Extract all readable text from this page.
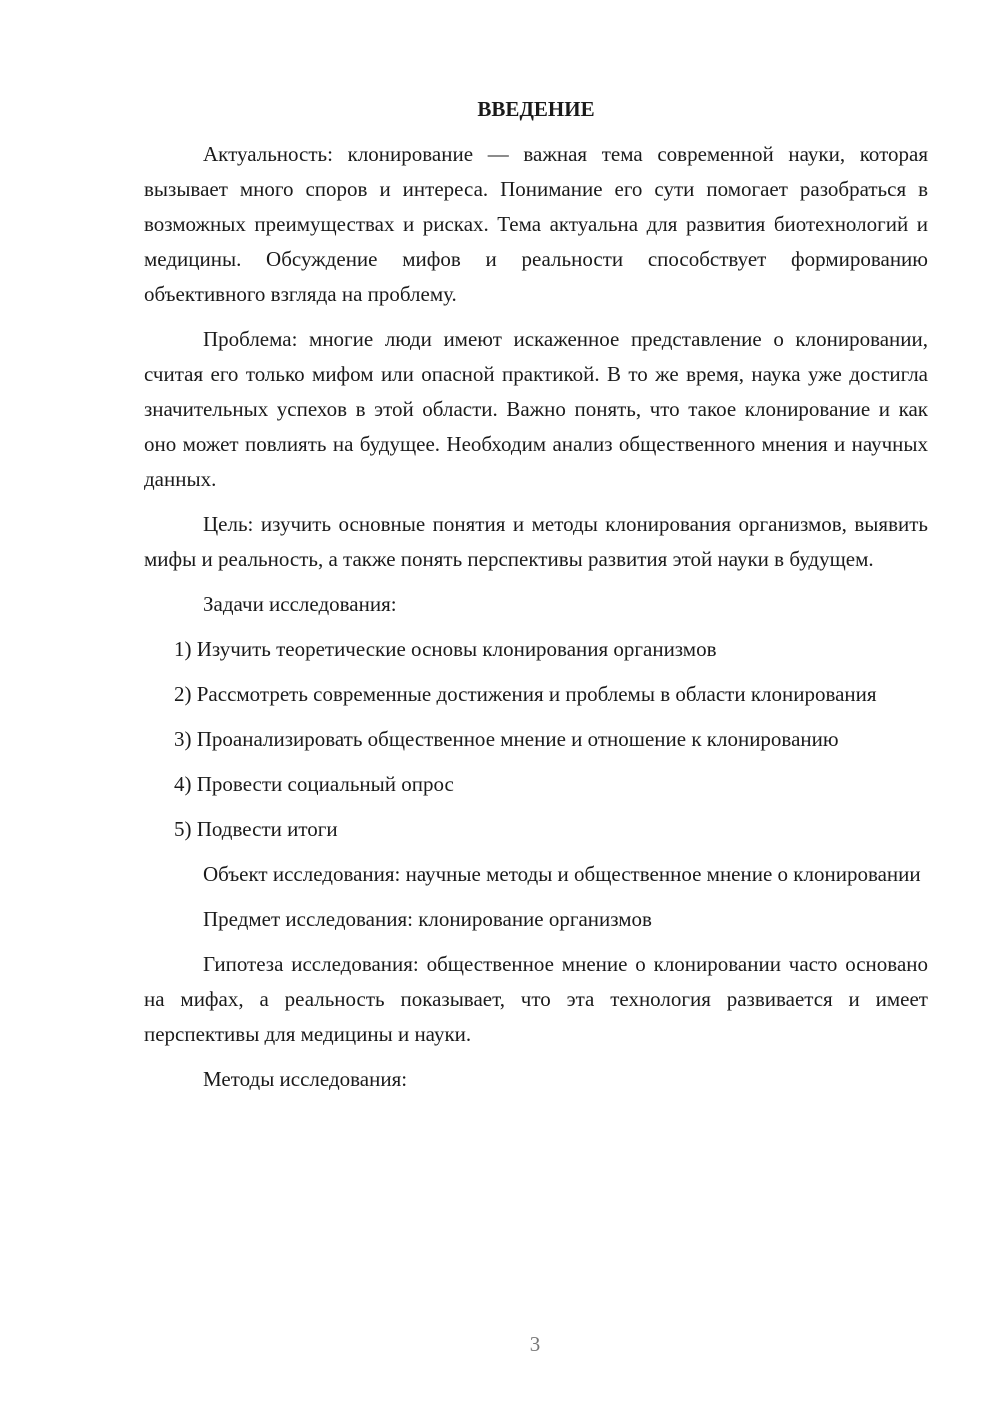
ВВЕДЕНИЕ

Актуальность: клонирование — важная тема современной науки, которая вызывает много споров и интереса. Понимание его сути помогает разобраться в возможных преимуществах и рисках. Тема актуальна для развития биотехнологий и медицины. Обсуждение мифов и реальности способствует формированию объективного взгляда на проблему.

Проблема: многие люди имеют искаженное представление о клонировании, считая его только мифом или опасной практикой. В то же время, наука уже достигла значительных успехов в этой области. Важно понять, что такое клонирование и как оно может повлиять на будущее. Необходим анализ общественного мнения и научных данных.

Цель: изучить основные понятия и методы клонирования организмов, выявить мифы и реальность, а также понять перспективы развития этой науки в будущем.

Задачи исследования:

1) Изучить теоретические основы клонирования организмов

2) Рассмотреть современные достижения и проблемы в области клонирования

3) Проанализировать общественное мнение и отношение к клонированию

4) Провести социальный опрос

5) Подвести итоги

Объект исследования: научные методы и общественное мнение о клонировании

Предмет исследования: клонирование организмов

Гипотеза исследования: общественное мнение о клонировании часто основано на мифах, а реальность показывает, что эта технология развивается и имеет перспективы для медицины и науки.

Методы исследования:

3
